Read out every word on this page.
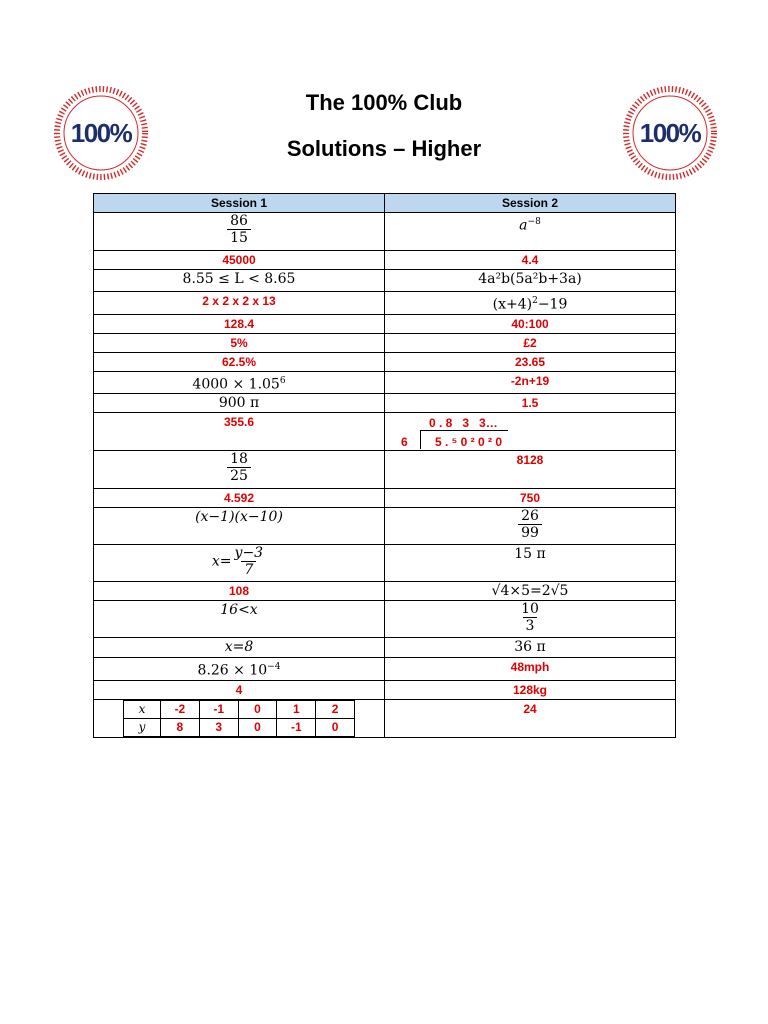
100%	100%
The 100% Club
Solutions – Higher
Session 1	Session 2

$\frac{86}{15}$	$a^{-8}$
45000	4.4
8.55 ≤ L < 8.65	4a²b(5a²b+3a)
2 x 2 x 2 x 13	$(x+4)^2-19$
128.4	40:100
5%	£2
62.5%	23.65
$4000 \times 1.05^6$	-2n+19
900 π	1.5
355.6	0 . 8   3   3…
6 5 . ⁵ 0 ² 0 ² 0

$\frac{18}{25}$	8128
4.592	750
(x−1)(x−10)	$\frac{26}{99}$

$x= \frac{y-3}{7}$	15 π
108	√4×5=2√5
16<x	$\frac{10}{3}$

x=8	36 π
$8.26 \times 10^{-4}$	48mph
4	128kg

x	-2	-1	0	1	2
y	8	3	0	-1	0
	24
